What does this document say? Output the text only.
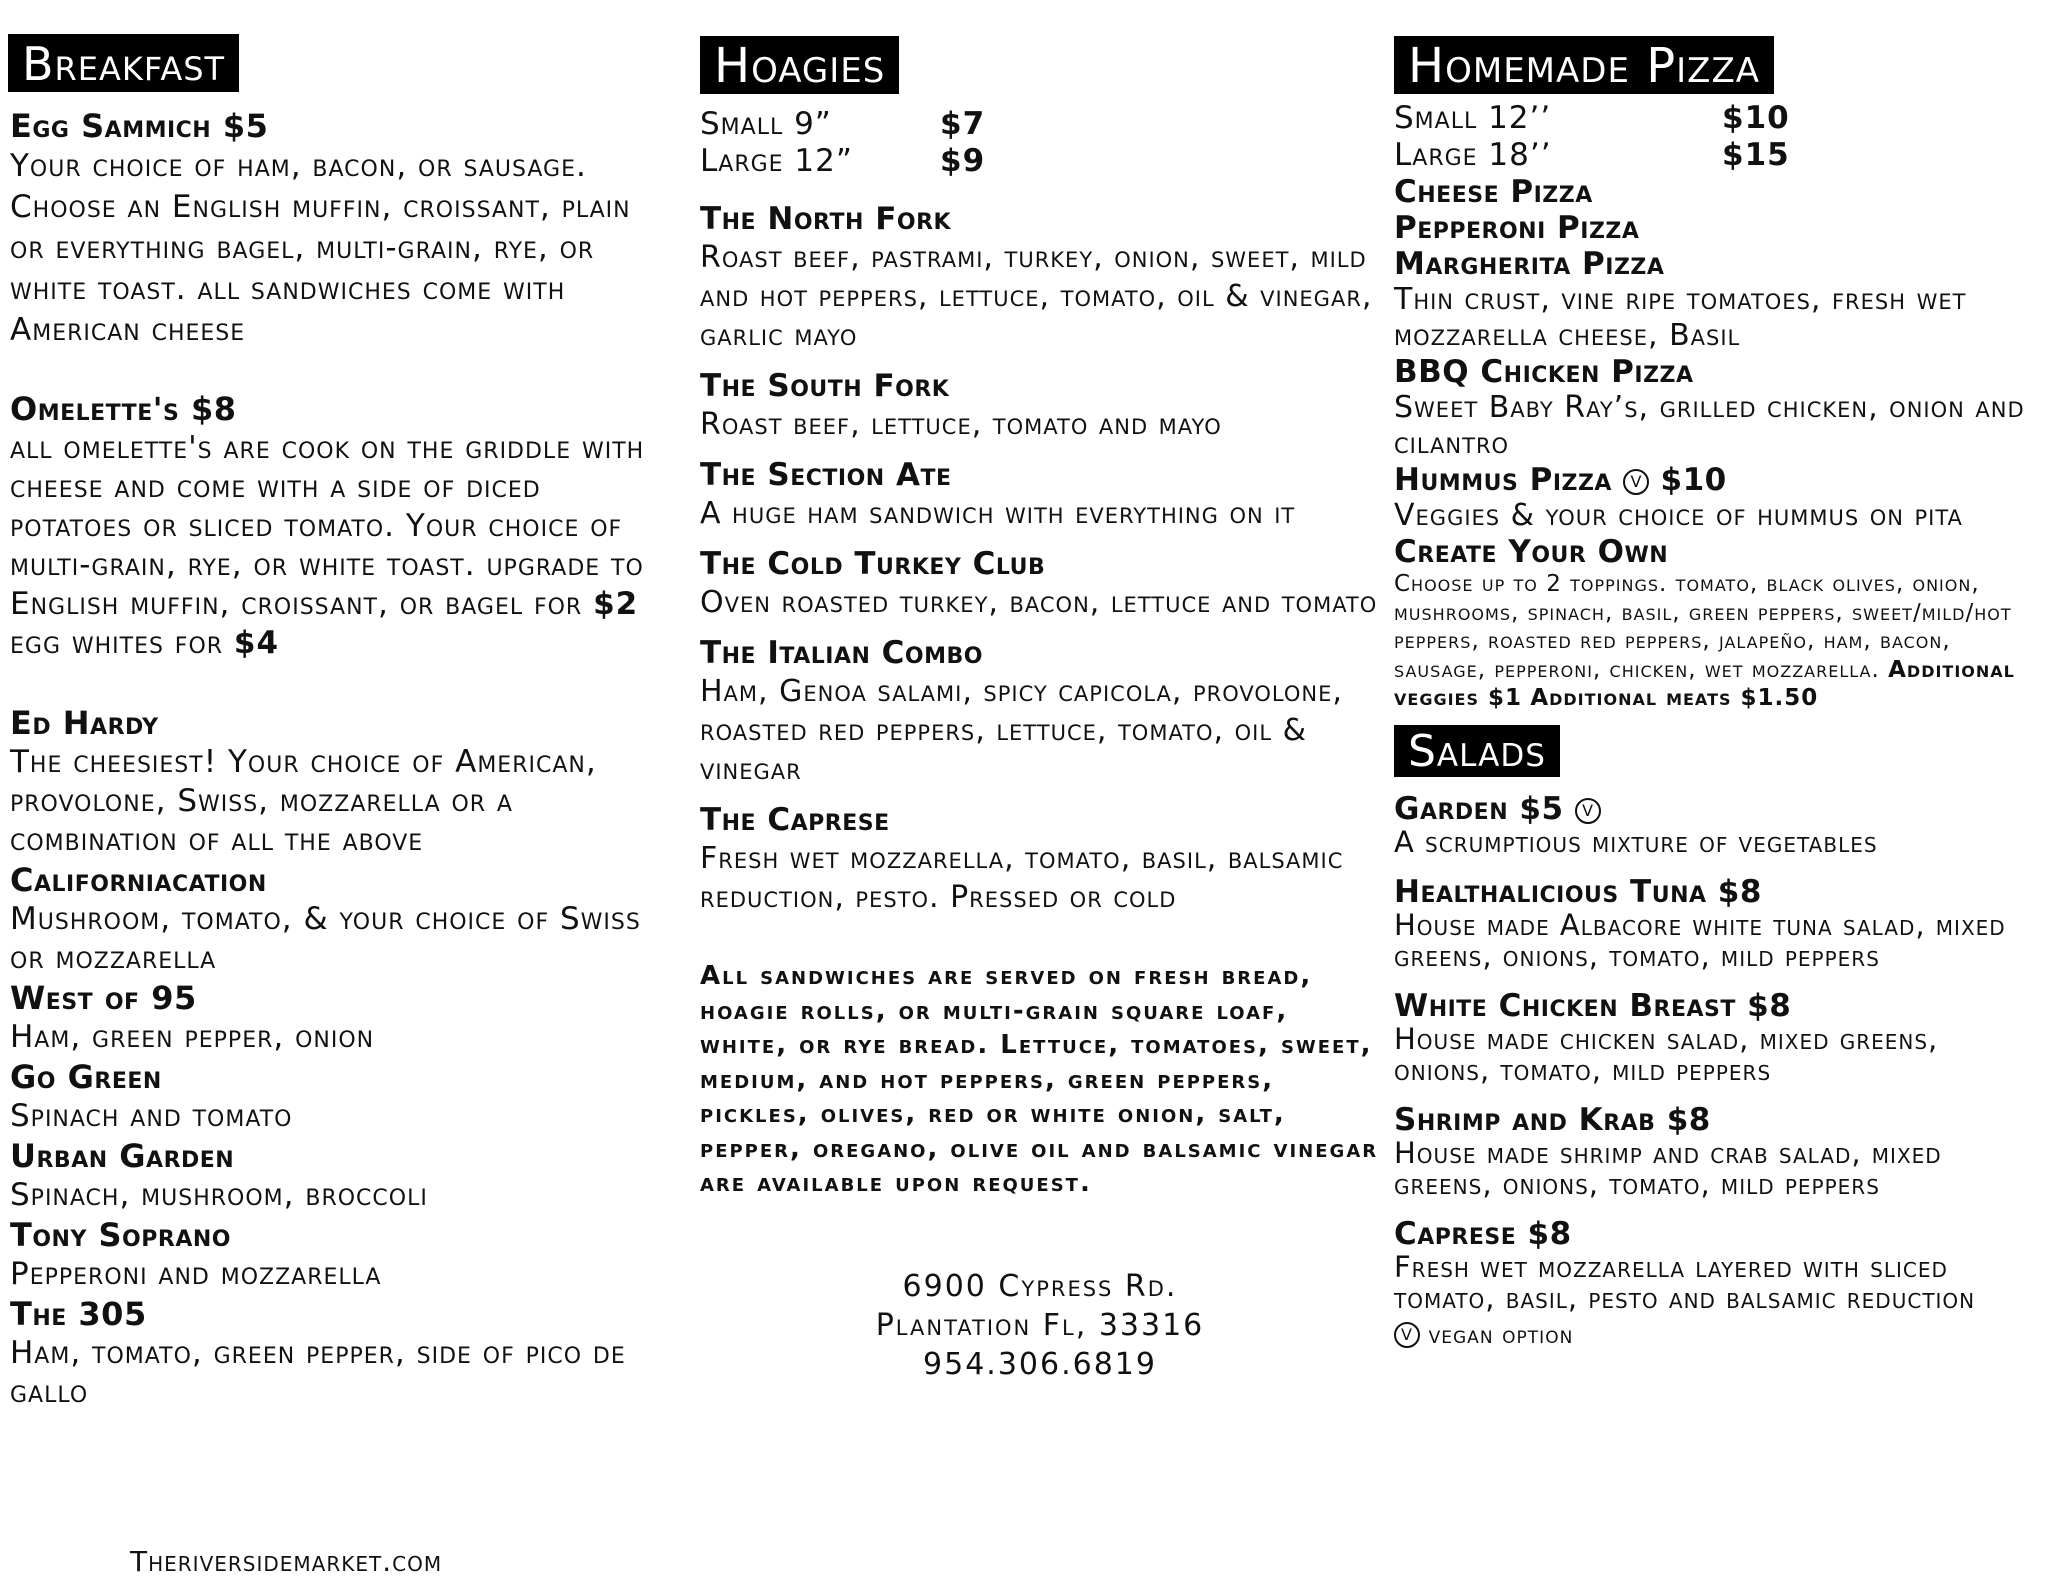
Breakfast
Egg Sammich $5
Your choice of ham, bacon, or sausage. Choose an English muffin, croissant, plain or everything bagel, multi-grain, rye, or white toast. all sandwiches come with American cheese
Omelette's $8
all omelette's are cook on the griddle with cheese and come with a side of diced potatoes or sliced tomato. Your choice of multi-grain, rye, or white toast. upgrade to English muffin, croissant, or bagel for $2 egg whites for $4
Ed Hardy
The cheesiest! Your choice of American, provolone, Swiss, mozzarella or a combination of all the above
Californiacation
Mushroom, tomato, & your choice of Swiss or mozzarella
West of 95
Ham, green pepper, onion
Go Green
Spinach and tomato
Urban Garden
Spinach, mushroom, broccoli
Tony Soprano
Pepperoni and mozzarella
The 305
Ham, tomato, green pepper, side of pico de gallo
Theriversidemarket.com
Hoagies
Small 9”	$7
Large 12”	$9
The North Fork
Roast beef, pastrami, turkey, onion, sweet, mild and hot peppers, lettuce, tomato, oil & vinegar, garlic mayo
The South Fork
Roast beef, lettuce, tomato and mayo
The Section Ate
A huge ham sandwich with everything on it
The Cold Turkey Club
Oven roasted turkey, bacon, lettuce and tomato
The Italian Combo
Ham, Genoa salami, spicy capicola, provolone, roasted red peppers, lettuce, tomato, oil & vinegar
The Caprese
Fresh wet mozzarella, tomato, basil, balsamic reduction, pesto. Pressed or cold
All sandwiches are served on fresh bread, hoagie rolls, or multi-grain square loaf, white, or rye bread. Lettuce, tomatoes, sweet, medium, and hot peppers, green peppers, pickles, olives, red or white onion, salt, pepper, oregano, olive oil and balsamic vinegar are available upon request.
6900 Cypress Rd.
Plantation Fl, 33316
954.306.6819
Homemade Pizza
Small 12’’	$10
Large 18’’	$15
Cheese Pizza
Pepperoni Pizza
Margherita Pizza
Thin crust, vine ripe tomatoes, fresh wet mozzarella cheese, Basil
BBQ Chicken Pizza
Sweet Baby Ray’s, grilled chicken, onion and cilantro
Hummus Pizza V $10
Veggies & your choice of hummus on pita
Create Your Own
Choose up to 2 toppings. tomato, black olives, onion, mushrooms, spinach, basil, green peppers, sweet/mild/hot peppers, roasted red peppers, jalapeño, ham, bacon, sausage, pepperoni, chicken, wet mozzarella. Additional veggies $1 Additional meats $1.50
Salads
Garden $5 V
A scrumptious mixture of vegetables
Healthalicious Tuna $8
House made Albacore white tuna salad, mixed greens, onions, tomato, mild peppers
White Chicken Breast $8
House made chicken salad, mixed greens, onions, tomato, mild peppers
Shrimp and Krab $8
House made shrimp and crab salad, mixed greens, onions, tomato, mild peppers
Caprese $8
Fresh wet mozzarella layered with sliced tomato, basil, pesto and balsamic reduction
V vegan option
